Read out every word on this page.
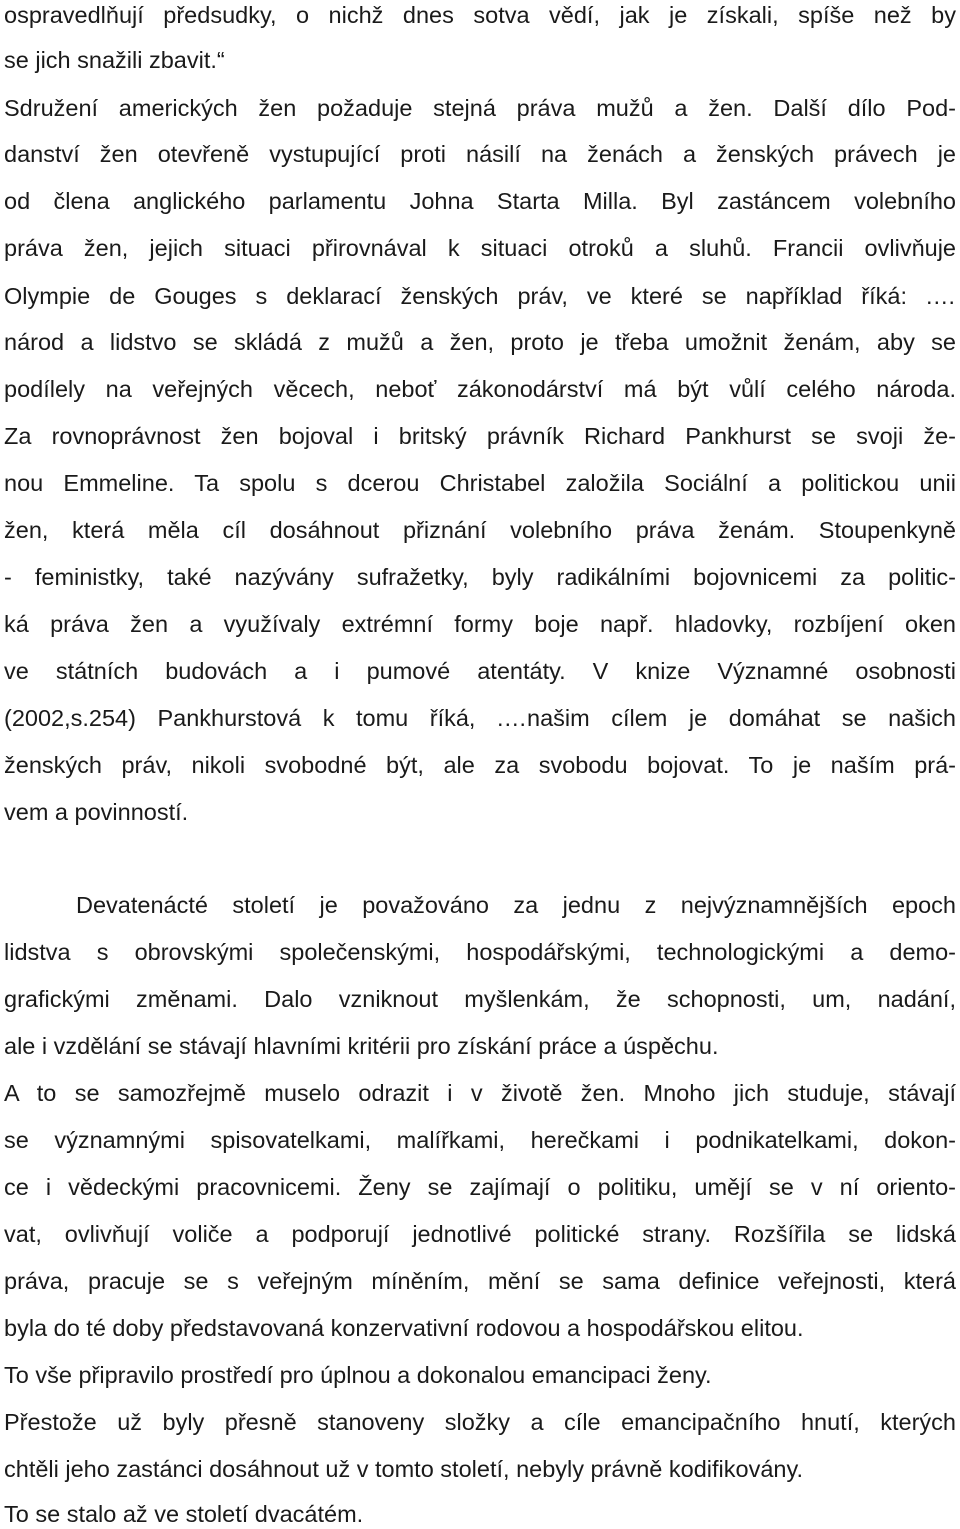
ospravedlňují předsudky, o nichž dnes sotva vědí, jak je získali, spíše než by
se jich snažili zbavit.“
Sdružení amerických žen požaduje stejná práva mužů a žen. Další dílo Pod-
danství žen otevřeně vystupující proti násilí na ženách a ženských právech je
od člena anglického parlamentu Johna Starta Milla. Byl zastáncem volebního
práva žen, jejich situaci přirovnával k situaci otroků a sluhů. Francii ovlivňuje
Olympie de Gouges s deklarací ženských práv, ve které se například říká: .…
národ a lidstvo se skládá z mužů a žen, proto je třeba umožnit ženám, aby se
podílely na veřejných věcech, neboť zákonodárství má být vůlí celého národa.
Za rovnoprávnost žen bojoval i britský právník Richard Pankhurst se svoji že-
nou Emmeline. Ta spolu s dcerou Christabel založila Sociální a politickou unii
žen, která měla cíl dosáhnout přiznání volebního práva ženám. Stoupenkyně
- feministky, také nazývány sufražetky, byly radikálními bojovnicemi za politic-
ká práva žen a využívaly extrémní formy boje např. hladovky, rozbíjení oken
ve státních budovách a i pumové atentáty. V knize Významné osobnosti
(2002,s.254) Pankhurstová k tomu říká, .…našim cílem je domáhat se našich
ženských práv, nikoli svobodné být, ale za svobodu bojovat. To je naším prá-
vem a povinností.
Devatenácté století je považováno za jednu z nejvýznamnějších epoch
lidstva s obrovskými společenskými, hospodářskými, technologickými a demo-
grafickými změnami. Dalo vzniknout myšlenkám, že schopnosti, um, nadání,
ale i vzdělání se stávají hlavními kritérii pro získání práce a úspěchu.
A to se samozřejmě muselo odrazit i v životě žen. Mnoho jich studuje, stávají
se významnými spisovatelkami, malířkami, herečkami i podnikatelkami, dokon-
ce i vědeckými pracovnicemi. Ženy se zajímají o politiku, umějí se v ní oriento-
vat, ovlivňují voliče a podporují jednotlivé politické strany. Rozšířila se lidská
práva, pracuje se s veřejným míněním, mění se sama definice veřejnosti, která
byla do té doby představovaná konzervativní rodovou a hospodářskou elitou.
To vše připravilo prostředí pro úplnou a dokonalou emancipaci ženy.
Přestože už byly přesně stanoveny složky a cíle emancipačního hnutí, kterých
chtěli jeho zastánci dosáhnout už v tomto století, nebyly právně kodifikovány.
To se stalo až ve století dvacátém.
